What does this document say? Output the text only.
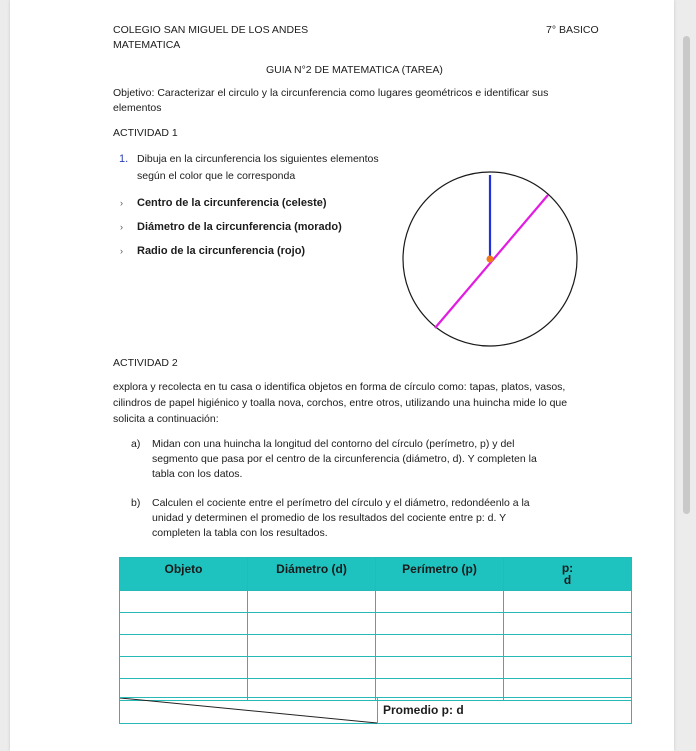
COLEGIO SAN MIGUEL DE LOS ANDES
MATEMATICA
7° BASICO
GUIA N°2 DE MATEMATICA (TAREA)
Objetivo: Caracterizar el circulo y la circunferencia como lugares geométricos e identificar sus
elementos
ACTIVIDAD 1
1. Dibuja en la circunferencia los siguientes elementos
según el color que le corresponda
›
›
›
Centro de la circunferencia (celeste)
Diámetro de la circunferencia (morado)
Radio de la circunferencia (rojo)
ACTIVIDAD 2
explora y recolecta en tu casa o identifica objetos en forma de círculo como: tapas, platos, vasos,
cilindros de papel higiénico y toalla nova, corchos, entre otros, utilizando una huincha mide lo que
solicita a continuación:
a) Midan con una huincha la longitud del contorno del círculo (perímetro, p) y del
segmento que pasa por el centro de la circunferencia (diámetro, d). Y completen la
tabla con los datos.
b) Calculen el cociente entre el perímetro del círculo y el diámetro, redondéenlo a la
unidad y determinen el promedio de los resultados del cociente entre p: d. Y
completen la tabla con los resultados.
Objeto	Diámetro (d)	Perímetro (p)	p:
d

Promedio p: d
